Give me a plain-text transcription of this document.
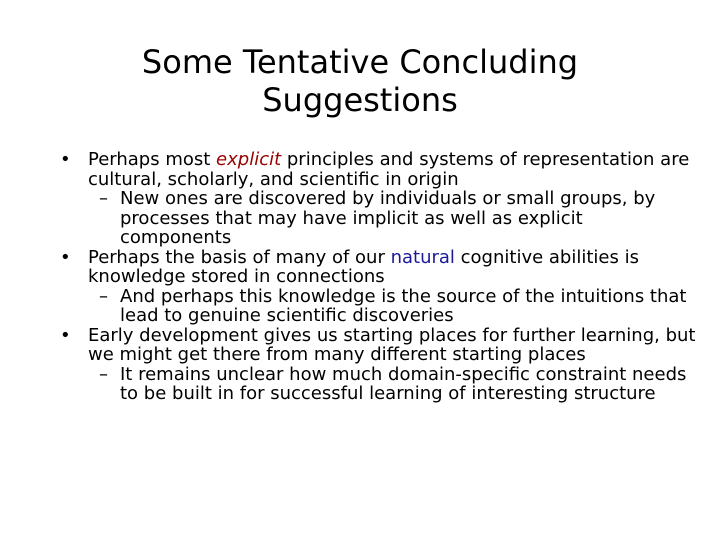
Some Tentative Concluding
Suggestions
• Perhaps most explicit principles and systems of representation are cultural, scholarly, and scientific in origin
– New ones are discovered by individuals or small groups, by processes that may have implicit as well as explicit components
• Perhaps the basis of many of our natural cognitive abilities is knowledge stored in connections
– And perhaps this knowledge is the source of the intuitions that lead to genuine scientific discoveries
• Early development gives us starting places for further learning, but we might get there from many different starting places
– It remains unclear how much domain-specific constraint needs to be built in for successful learning of interesting structure
